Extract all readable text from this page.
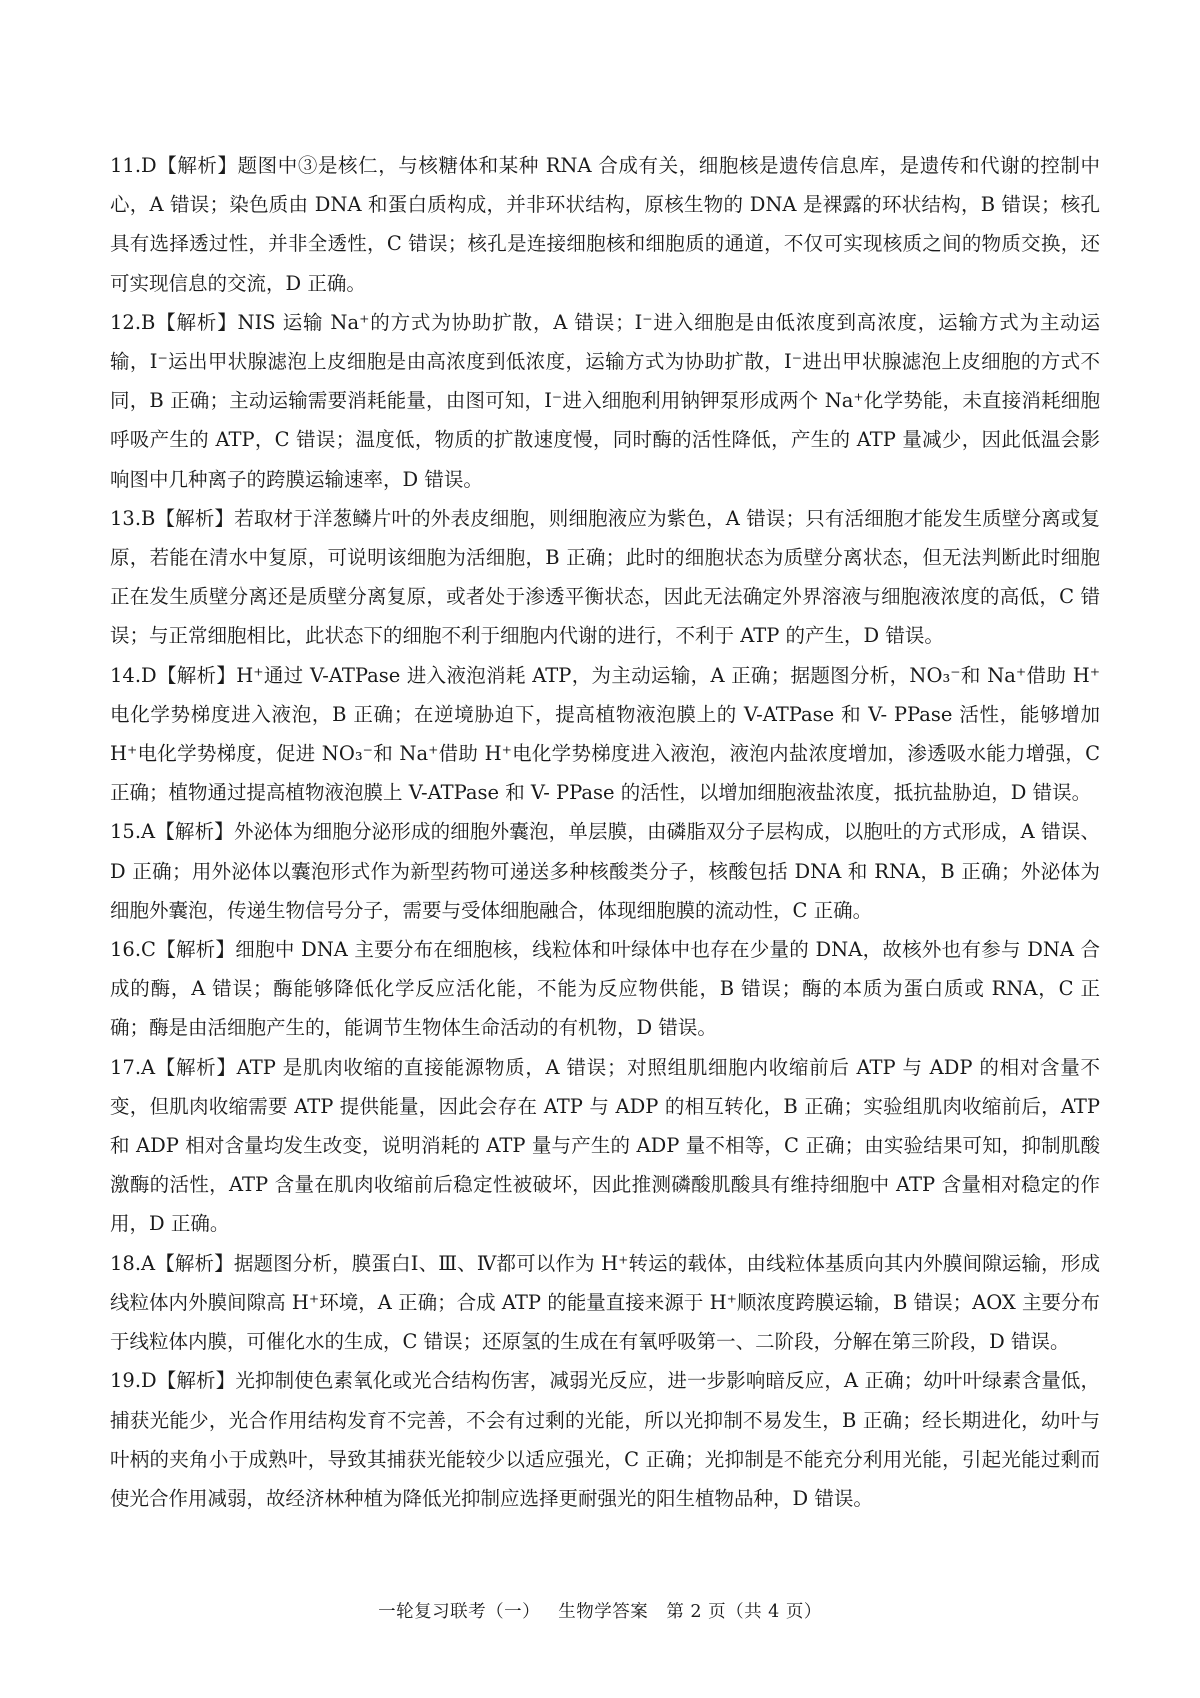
11.D【解析】题图中③是核仁，与核糖体和某种 RNA 合成有关，细胞核是遗传信息库，是遗传和代谢的控制中心，A 错误；染色质由 DNA 和蛋白质构成，并非环状结构，原核生物的 DNA 是裸露的环状结构，B 错误；核孔具有选择透过性，并非全透性，C 错误；核孔是连接细胞核和细胞质的通道，不仅可实现核质之间的物质交换，还可实现信息的交流，D 正确。

12.B【解析】NIS 运输 Na⁺的方式为协助扩散，A 错误；I⁻进入细胞是由低浓度到高浓度，运输方式为主动运输，I⁻运出甲状腺滤泡上皮细胞是由高浓度到低浓度，运输方式为协助扩散，I⁻进出甲状腺滤泡上皮细胞的方式不同，B 正确；主动运输需要消耗能量，由图可知，I⁻进入细胞利用钠钾泵形成两个 Na⁺化学势能，未直接消耗细胞呼吸产生的 ATP，C 错误；温度低，物质的扩散速度慢，同时酶的活性降低，产生的 ATP 量减少，因此低温会影响图中几种离子的跨膜运输速率，D 错误。

13.B【解析】若取材于洋葱鳞片叶的外表皮细胞，则细胞液应为紫色，A 错误；只有活细胞才能发生质壁分离或复原，若能在清水中复原，可说明该细胞为活细胞，B 正确；此时的细胞状态为质壁分离状态，但无法判断此时细胞正在发生质壁分离还是质壁分离复原，或者处于渗透平衡状态，因此无法确定外界溶液与细胞液浓度的高低，C 错误；与正常细胞相比，此状态下的细胞不利于细胞内代谢的进行，不利于 ATP 的产生，D 错误。

14.D【解析】H⁺通过 V-ATPase 进入液泡消耗 ATP，为主动运输，A 正确；据题图分析，NO₃⁻和 Na⁺借助 H⁺电化学势梯度进入液泡，B 正确；在逆境胁迫下，提高植物液泡膜上的 V-ATPase 和 V- PPase 活性，能够增加 H⁺电化学势梯度，促进 NO₃⁻和 Na⁺借助 H⁺电化学势梯度进入液泡，液泡内盐浓度增加，渗透吸水能力增强，C 正确；植物通过提高植物液泡膜上 V-ATPase 和 V- PPase 的活性，以增加细胞液盐浓度，抵抗盐胁迫，D 错误。

15.A【解析】外泌体为细胞分泌形成的细胞外囊泡，单层膜，由磷脂双分子层构成，以胞吐的方式形成，A 错误、D 正确；用外泌体以囊泡形式作为新型药物可递送多种核酸类分子，核酸包括 DNA 和 RNA，B 正确；外泌体为细胞外囊泡，传递生物信号分子，需要与受体细胞融合，体现细胞膜的流动性，C 正确。

16.C【解析】细胞中 DNA 主要分布在细胞核，线粒体和叶绿体中也存在少量的 DNA，故核外也有参与 DNA 合成的酶，A 错误；酶能够降低化学反应活化能，不能为反应物供能，B 错误；酶的本质为蛋白质或 RNA，C 正确；酶是由活细胞产生的，能调节生物体生命活动的有机物，D 错误。

17.A【解析】ATP 是肌肉收缩的直接能源物质，A 错误；对照组肌细胞内收缩前后 ATP 与 ADP 的相对含量不变，但肌肉收缩需要 ATP 提供能量，因此会存在 ATP 与 ADP 的相互转化，B 正确；实验组肌肉收缩前后，ATP 和 ADP 相对含量均发生改变，说明消耗的 ATP 量与产生的 ADP 量不相等，C 正确；由实验结果可知，抑制肌酸激酶的活性，ATP 含量在肌肉收缩前后稳定性被破坏，因此推测磷酸肌酸具有维持细胞中 ATP 含量相对稳定的作用，D 正确。

18.A【解析】据题图分析，膜蛋白Ⅰ、Ⅲ、Ⅳ都可以作为 H⁺转运的载体，由线粒体基质向其内外膜间隙运输，形成线粒体内外膜间隙高 H⁺环境，A 正确；合成 ATP 的能量直接来源于 H⁺顺浓度跨膜运输，B 错误；AOX 主要分布于线粒体内膜，可催化水的生成，C 错误；还原氢的生成在有氧呼吸第一、二阶段，分解在第三阶段，D 错误。

19.D【解析】光抑制使色素氧化或光合结构伤害，减弱光反应，进一步影响暗反应，A 正确；幼叶叶绿素含量低，捕获光能少，光合作用结构发育不完善，不会有过剩的光能，所以光抑制不易发生，B 正确；经长期进化，幼叶与叶柄的夹角小于成熟叶，导致其捕获光能较少以适应强光，C 正确；光抑制是不能充分利用光能，引起光能过剩而使光合作用减弱，故经济林种植为降低光抑制应选择更耐强光的阳生植物品种，D 错误。

一轮复习联考（一） 生物学答案 第 2 页（共 4 页）
